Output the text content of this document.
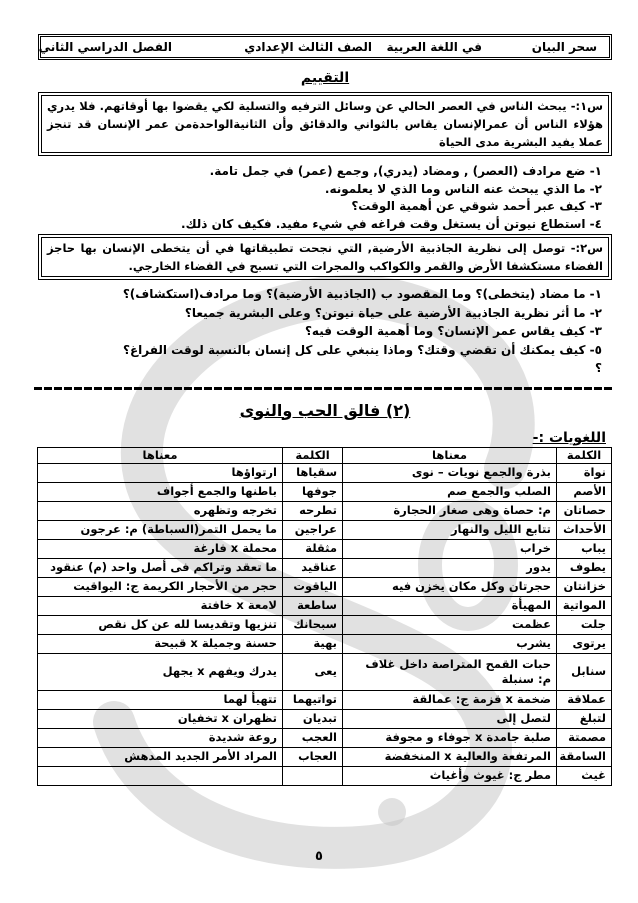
سحر البيان
في اللغة العربية
الصف الثالث الإعدادي
الفصل الدراسي الثاني
التقييم
س١:- يبحث الناس في العصر الحالي عن وسائل الترفيه والتسلية لكي يقضوا بها أوقاتهم. فلا يدري هؤلاء الناس أن عمرالإنسان يقاس بالثواني والدقائق وأن الثانيةالواحدةمن عمر الإنسان قد تنجز عملا يفيد البشرية مدى الحياة
١- ضع مرادف (العصر) , ومضاد (يدري), وجمع (عمر) في جمل تامة.
٢- ما الذي يبحث عنه الناس وما الذي لا يعلمونه.
٣- كيف عبر أحمد شوقي عن أهمية الوقت؟
٤- استطاع نيوتن أن يستغل وقت فراغه في شيء مفيد. فكيف كان ذلك.
س٢:- توصل إلى نظرية الجاذبية الأرضية, التي نجحت تطبيقاتها في أن يتخطى الإنسان بها حاجز الفضاء مستكشفا الأرض والقمر والكواكب والمجرات التي تسبح في الفضاء الخارجي.
١- ما مضاد (يتخطى)؟ وما المقصود ب (الجاذبية الأرضية)؟ وما مرادف(استكشاف)؟
٢- ما أثر نظرية الجاذبية الأرضية على حياة نيوتن؟ وعلى البشرية جميعا؟
٣- كيف يقاس عمر الإنسان؟ وما أهمية الوقت فيه؟
٥- كيف يمكنك أن تقضي وقتك؟ وماذا ينبغي على كل إنسان بالنسبة لوقت الفراغ؟
؟
(٢) فالق الحب والنوى
اللغويات :-
الكلمة	معناها	الكلمة	معناها
نواة	بذرة والجمع نويات – نوى	سقياها	ارتواؤها
الأصم	الصلب والجمع صم	جوفها	باطنها والجمع أجواف
حصاتان	م: حصاة وهى صغار الحجارة	تطرحه	تخرجه وتظهره
الأحداث	تتابع الليل والنهار	عراجين	ما يحمل التمر(السباطة) م: عرجون
يباب	خراب	مثقلة	محملة x فارغة
يطوف	يدور	عناقيد	ما تعقد وتراكم فى أصل واحد (م) عنقود
خزانتان	حجرتان وكل مكان يخزن فيه	الياقوت	حجر من الأحجار الكريمة ج: اليواقيت
المواتية	المهيأة	ساطعة	لامعة x خافتة
جلت	عظمت	سبحانك	تنزيها وتقديسا لله عن كل نقص
يرتوى	يشرب	بهية	حسنة وجميلة x قبيحة
سنابل	حبات القمح المتراصة داخل غلاف
م: سنبلة	يعى	يدرك ويفهم x يجهل
عملاقة	ضخمة x قزمة ج: عمالقة	تواتيهما	تتهيأ لهما
لتبلغ	لتصل إلى	تبديان	تظهران x تخفيان
مصمتة	صلبة جامدة x جوفاء و مجوفة	العجب	روعة شديدة
السامقة	المرتفعة والعالية x المنخفضة	العجاب	المراد الأمر الجديد المدهش
غيث	مطر ج: غيوث وأغياث		
٥
